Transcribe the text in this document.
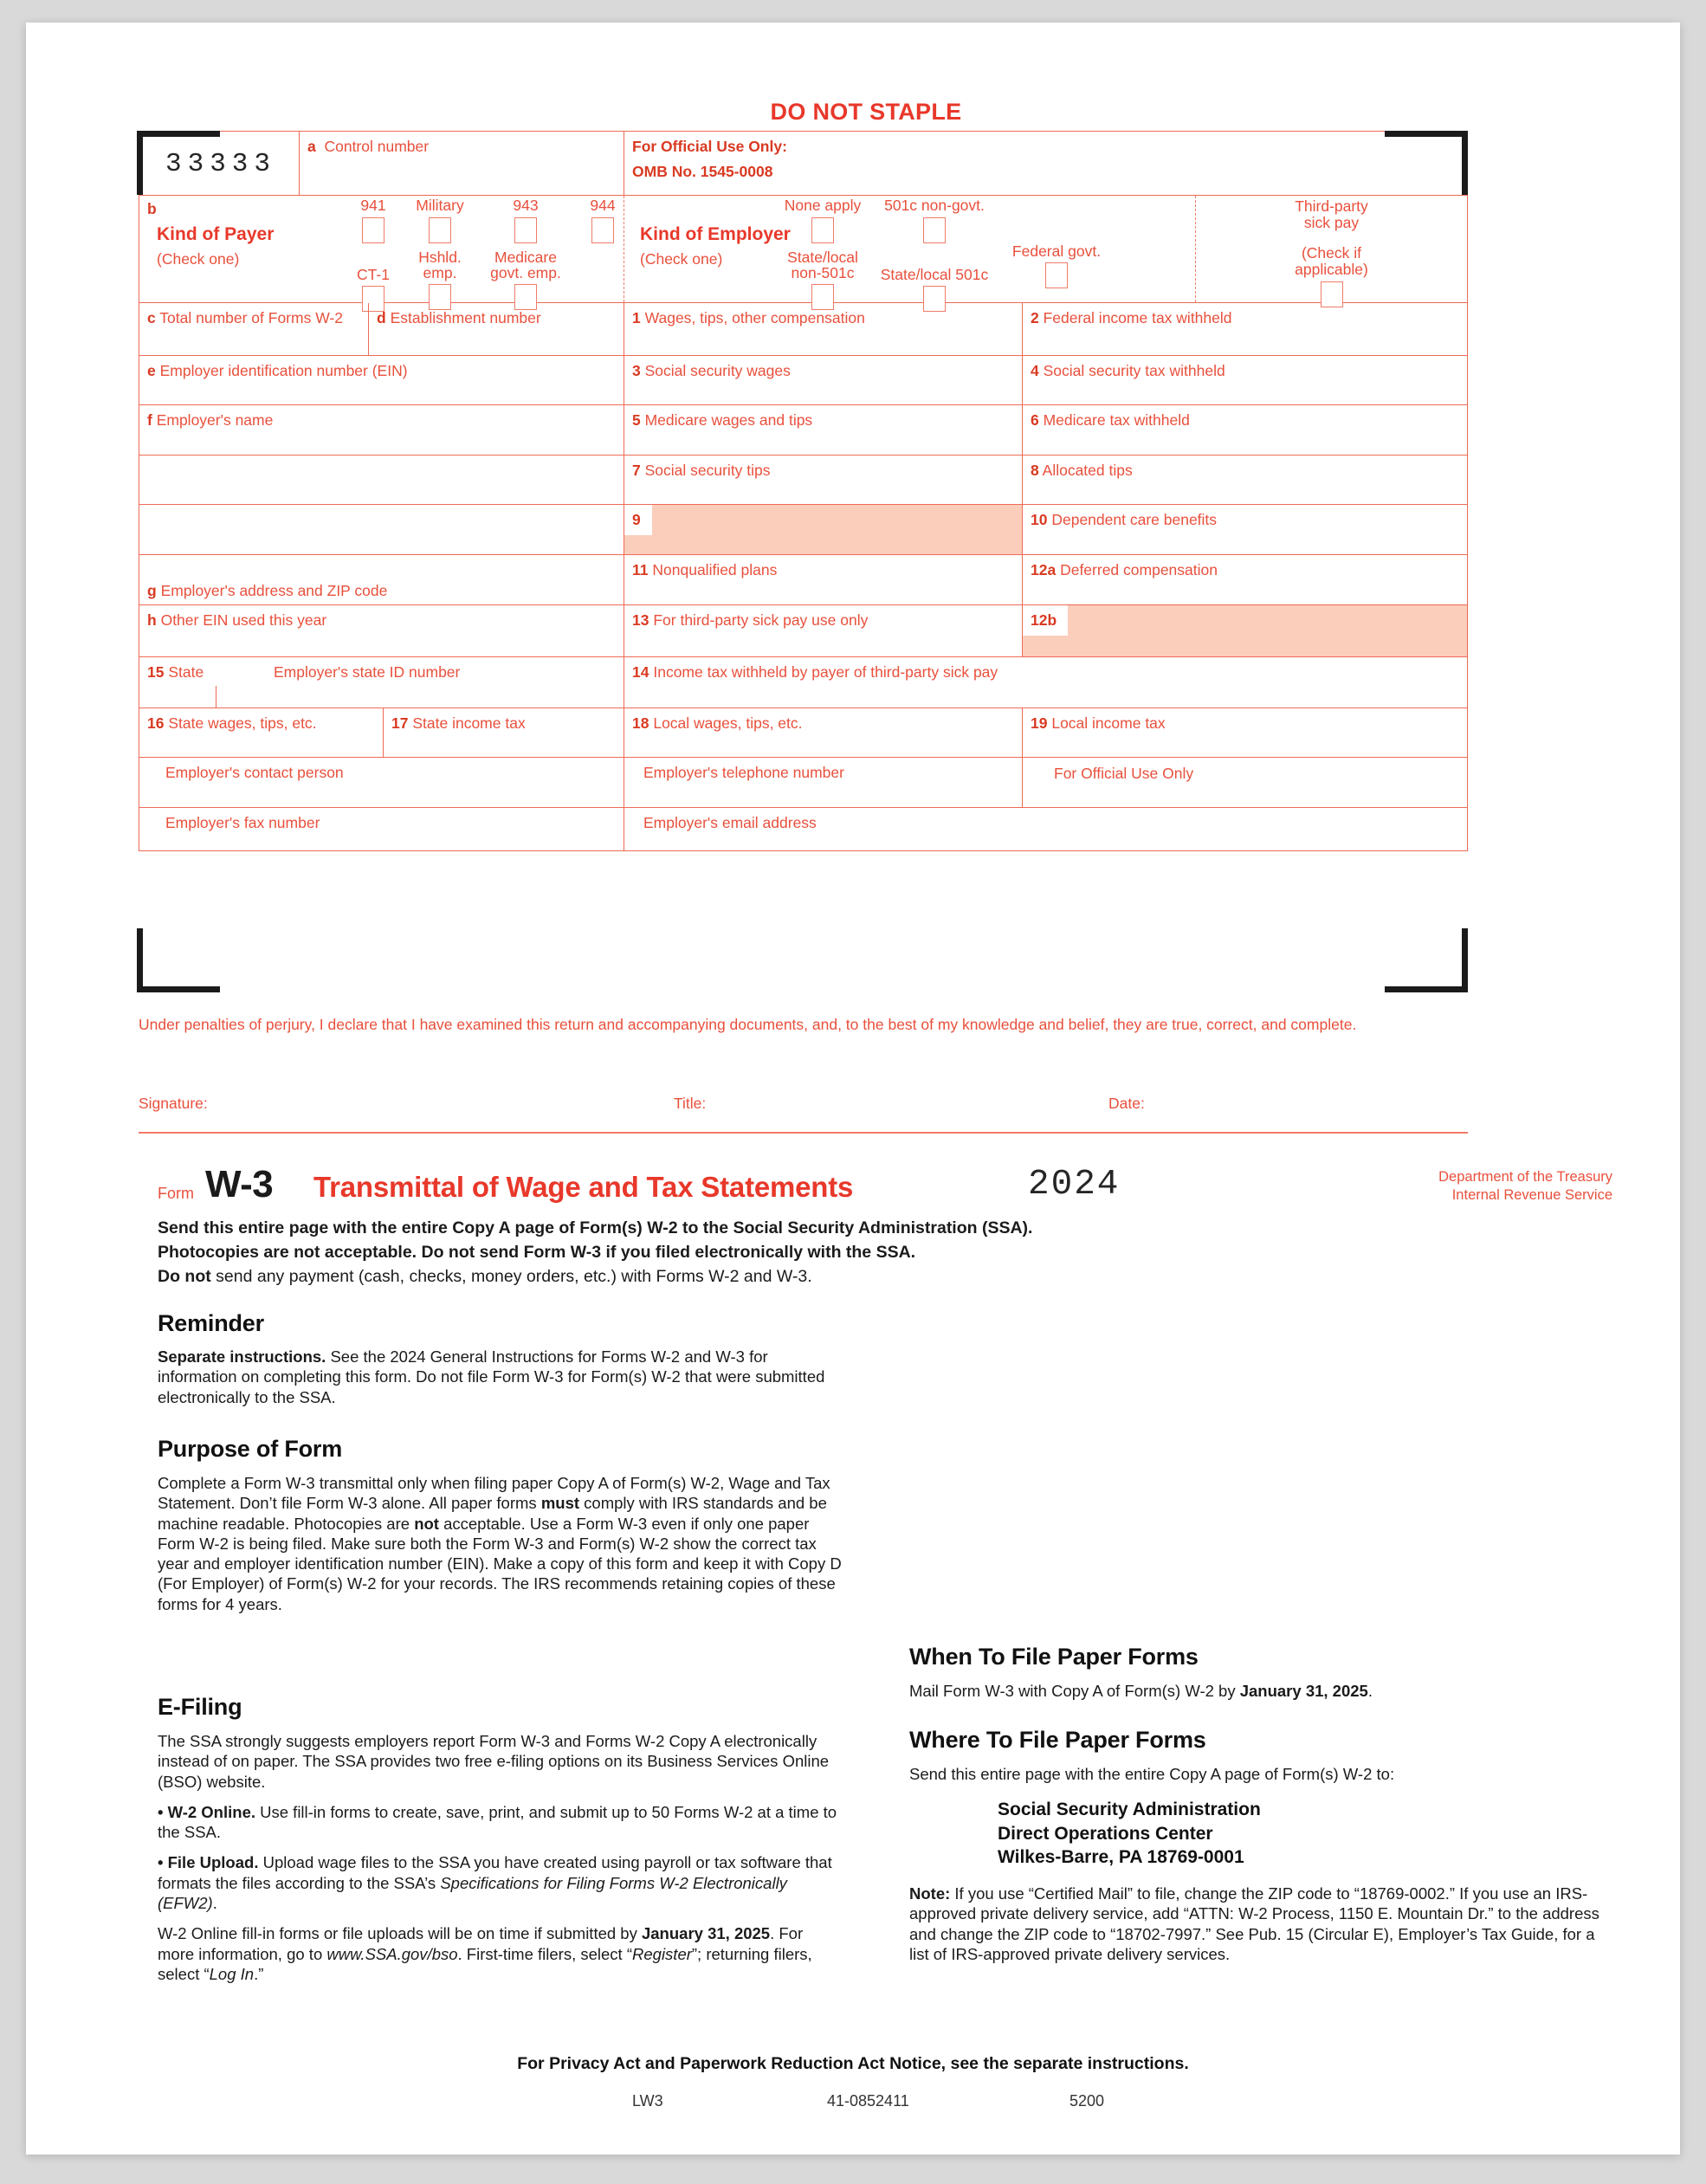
DO NOT STAPLE
33333
a Control number	For Official Use Only:
OMB No. 1545-0008
b
Kind of Payer
(Check one)
941
CT-1
Military
Hshld.
emp.
943
Medicare
govt. emp.
944
Kind of Employer
(Check one)
None apply
State/local
non-501c
501c non-govt.
State/local 501c
Federal govt.
Third-party
sick pay
(Check if
applicable)
c Total number of Forms W-2	d Establishment number	1 Wages, tips, other compensation	2 Federal income tax withheld
e Employer identification number (EIN)	3 Social security wages	4 Social security tax withheld
f Employer's name	5 Medicare wages and tips	6 Medicare tax withheld
7 Social security tips	8 Allocated tips
9	10 Dependent care benefits
g Employer's address and ZIP code
11 Nonqualified plans	12a Deferred compensation
h Other EIN used this year	13 For third-party sick pay use only	12b
15 State	Employer's state ID number	14 Income tax withheld by payer of third-party sick pay
16 State wages, tips, etc.	17 State income tax	18 Local wages, tips, etc.	19 Local income tax
Employer's contact person	Employer's telephone number	For Official Use Only
Employer's fax number	Employer's email address
Under penalties of perjury, I declare that I have examined this return and accompanying documents, and, to the best of my knowledge and belief, they are true, correct, and complete.
Signature:	Title:	Date:
Form W-3 Transmittal of Wage and Tax Statements	2024	Department of the Treasury
Internal Revenue Service
Send this entire page with the entire Copy A page of Form(s) W-2 to the Social Security Administration (SSA).
Photocopies are not acceptable. Do not send Form W-3 if you filed electronically with the SSA.
Do not send any payment (cash, checks, money orders, etc.) with Forms W-2 and W-3.
Reminder
Separate instructions. See the 2024 General Instructions for Forms W-2 and W-3 for information on completing this form. Do not file Form W-3 for Form(s) W-2 that were submitted electronically to the SSA.
Purpose of Form
Complete a Form W-3 transmittal only when filing paper Copy A of Form(s) W-2, Wage and Tax Statement. Don’t file Form W-3 alone. All paper forms must comply with IRS standards and be machine readable. Photocopies are not acceptable. Use a Form W-3 even if only one paper Form W-2 is being filed. Make sure both the Form W-3 and Form(s) W-2 show the correct tax year and employer identification number (EIN). Make a copy of this form and keep it with Copy D (For Employer) of Form(s) W-2 for your records. The IRS recommends retaining copies of these forms for 4 years.
E-Filing
The SSA strongly suggests employers report Form W-3 and Forms W-2 Copy A electronically instead of on paper. The SSA provides two free e-filing options on its Business Services Online (BSO) website.
• W-2 Online. Use fill-in forms to create, save, print, and submit up to 50 Forms W-2 at a time to the SSA.
• File Upload. Upload wage files to the SSA you have created using payroll or tax software that formats the files according to the SSA’s Specifications for Filing Forms W-2 Electronically (EFW2).
W-2 Online fill-in forms or file uploads will be on time if submitted by January 31, 2025. For more information, go to www.SSA.gov/bso. First-time filers, select “Register”; returning filers, select “Log In.”
When To File Paper Forms
Mail Form W-3 with Copy A of Form(s) W-2 by January 31, 2025.
Where To File Paper Forms
Send this entire page with the entire Copy A page of Form(s) W-2 to:
Social Security Administration
Direct Operations Center
Wilkes-Barre, PA 18769-0001
Note: If you use “Certified Mail” to file, change the ZIP code to “18769-0002.” If you use an IRS-approved private delivery service, add “ATTN: W-2 Process, 1150 E. Mountain Dr.” to the address and change the ZIP code to “18702-7997.” See Pub. 15 (Circular E), Employer’s Tax Guide, for a list of IRS-approved private delivery services.
For Privacy Act and Paperwork Reduction Act Notice, see the separate instructions.
LW3	41-0852411	5200
